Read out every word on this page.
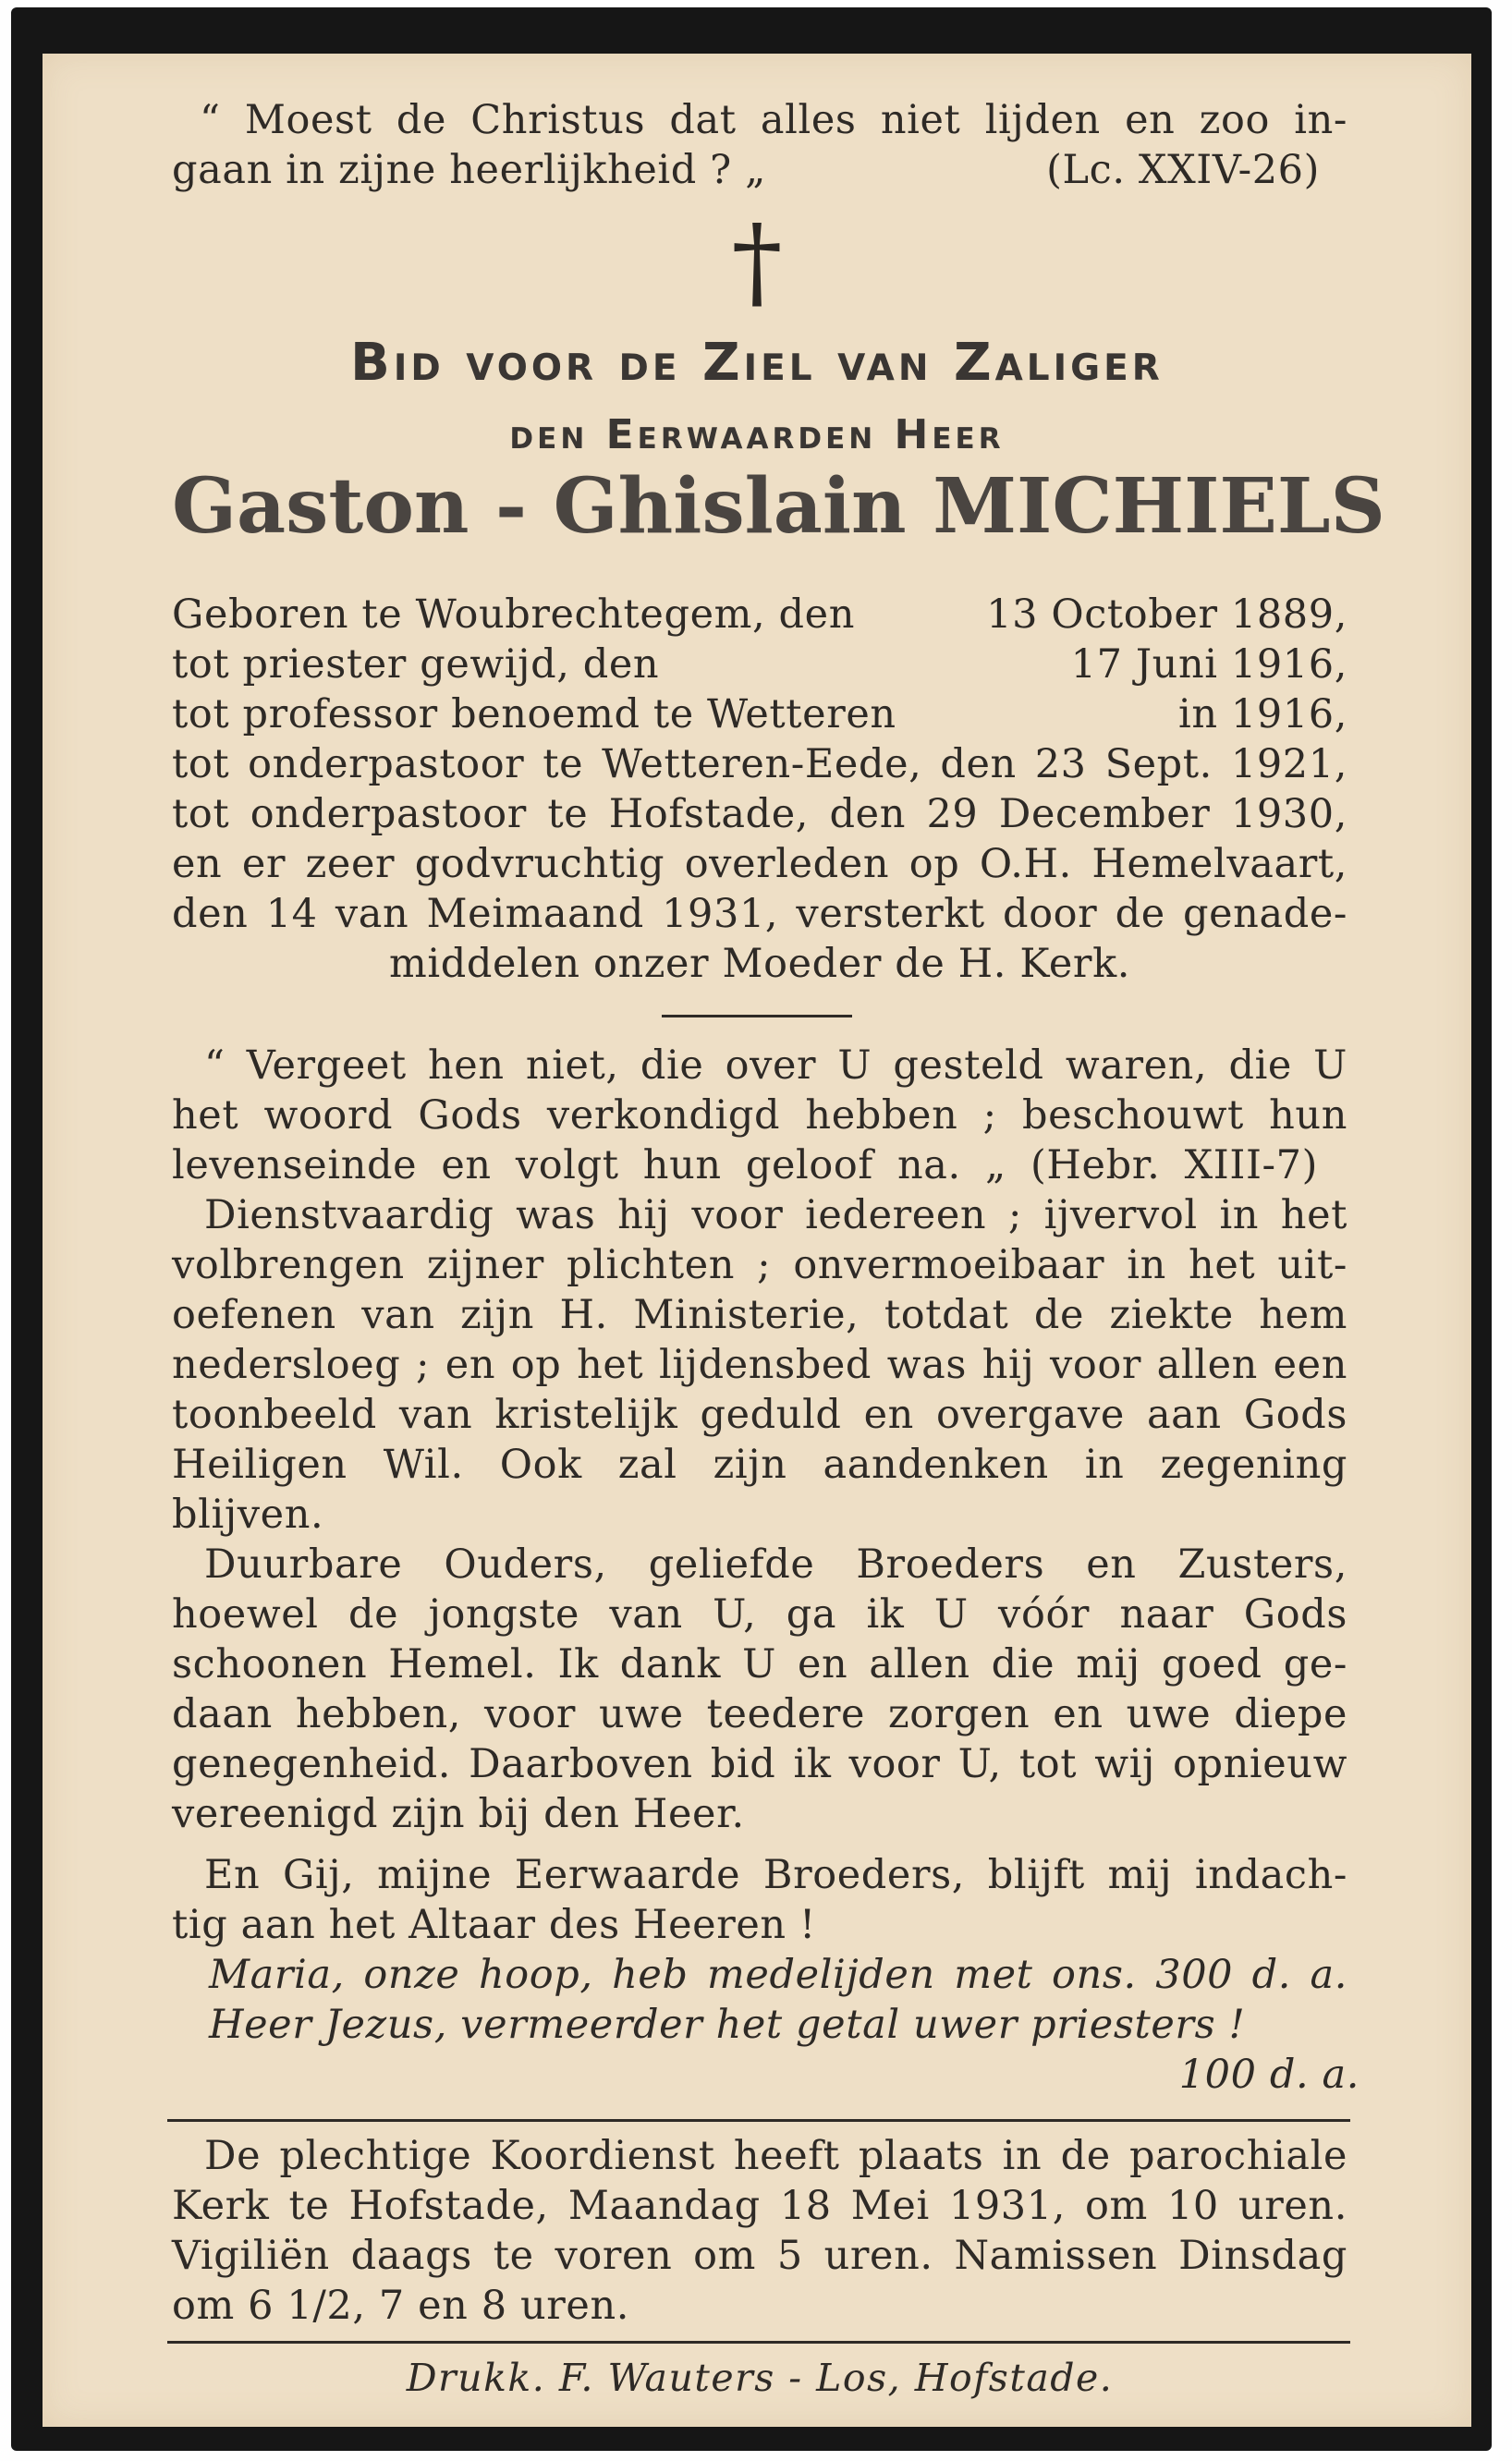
“ Moest de Christus dat alles niet lijden en zoo in-
gaan in zijne heerlijkheid ? „	(Lc. XXIV-26)
†
Bid voor de Ziel van Zaliger
den Eerwaarden Heer
Gaston - Ghislain MICHIELS
Geboren te Woubrechtegem, den	13 October 1889,
tot priester gewijd, den	17 Juni 1916,
tot professor benoemd te Wetteren	in 1916,
tot onderpastoor te Wetteren-Eede, den 23 Sept. 1921,
tot onderpastoor te Hofstade, den 29 December 1930,
en er zeer godvruchtig overleden op O.H. Hemelvaart,
den 14 van Meimaand 1931, versterkt door de genade-
middelen onzer Moeder de H. Kerk.
“ Vergeet hen niet, die over U gesteld waren, die U
het woord Gods verkondigd hebben ; beschouwt hun
levenseinde en volgt hun geloof na. „ (Hebr. XIII-7)
Dienstvaardig was hij voor iedereen ; ijvervol in het
volbrengen zijner plichten ; onvermoeibaar in het uit-
oefenen van zijn H. Ministerie, totdat de ziekte hem
nedersloeg ; en op het lijdensbed was hij voor allen een
toonbeeld van kristelijk geduld en overgave aan Gods
Heiligen Wil. Ook zal zijn aandenken in zegening
blijven.
Duurbare Ouders, geliefde Broeders en Zusters,
hoewel de jongste van U, ga ik U vóór naar Gods
schoonen Hemel. Ik dank U en allen die mij goed ge-
daan hebben, voor uwe teedere zorgen en uwe diepe
genegenheid. Daarboven bid ik voor U, tot wij opnieuw
vereenigd zijn bij den Heer.
En Gij, mijne Eerwaarde Broeders, blijft mij indach-
tig aan het Altaar des Heeren !
Maria, onze hoop, heb medelijden met ons. 300 d. a.
Heer Jezus, vermeerder het getal uwer priesters !
100 d. a.
De plechtige Koordienst heeft plaats in de parochiale
Kerk te Hofstade, Maandag 18 Mei 1931, om 10 uren.
Vigiliën daags te voren om 5 uren. Namissen Dinsdag
om 6 1/2, 7 en 8 uren.
Drukk. F. Wauters - Los, Hofstade.
